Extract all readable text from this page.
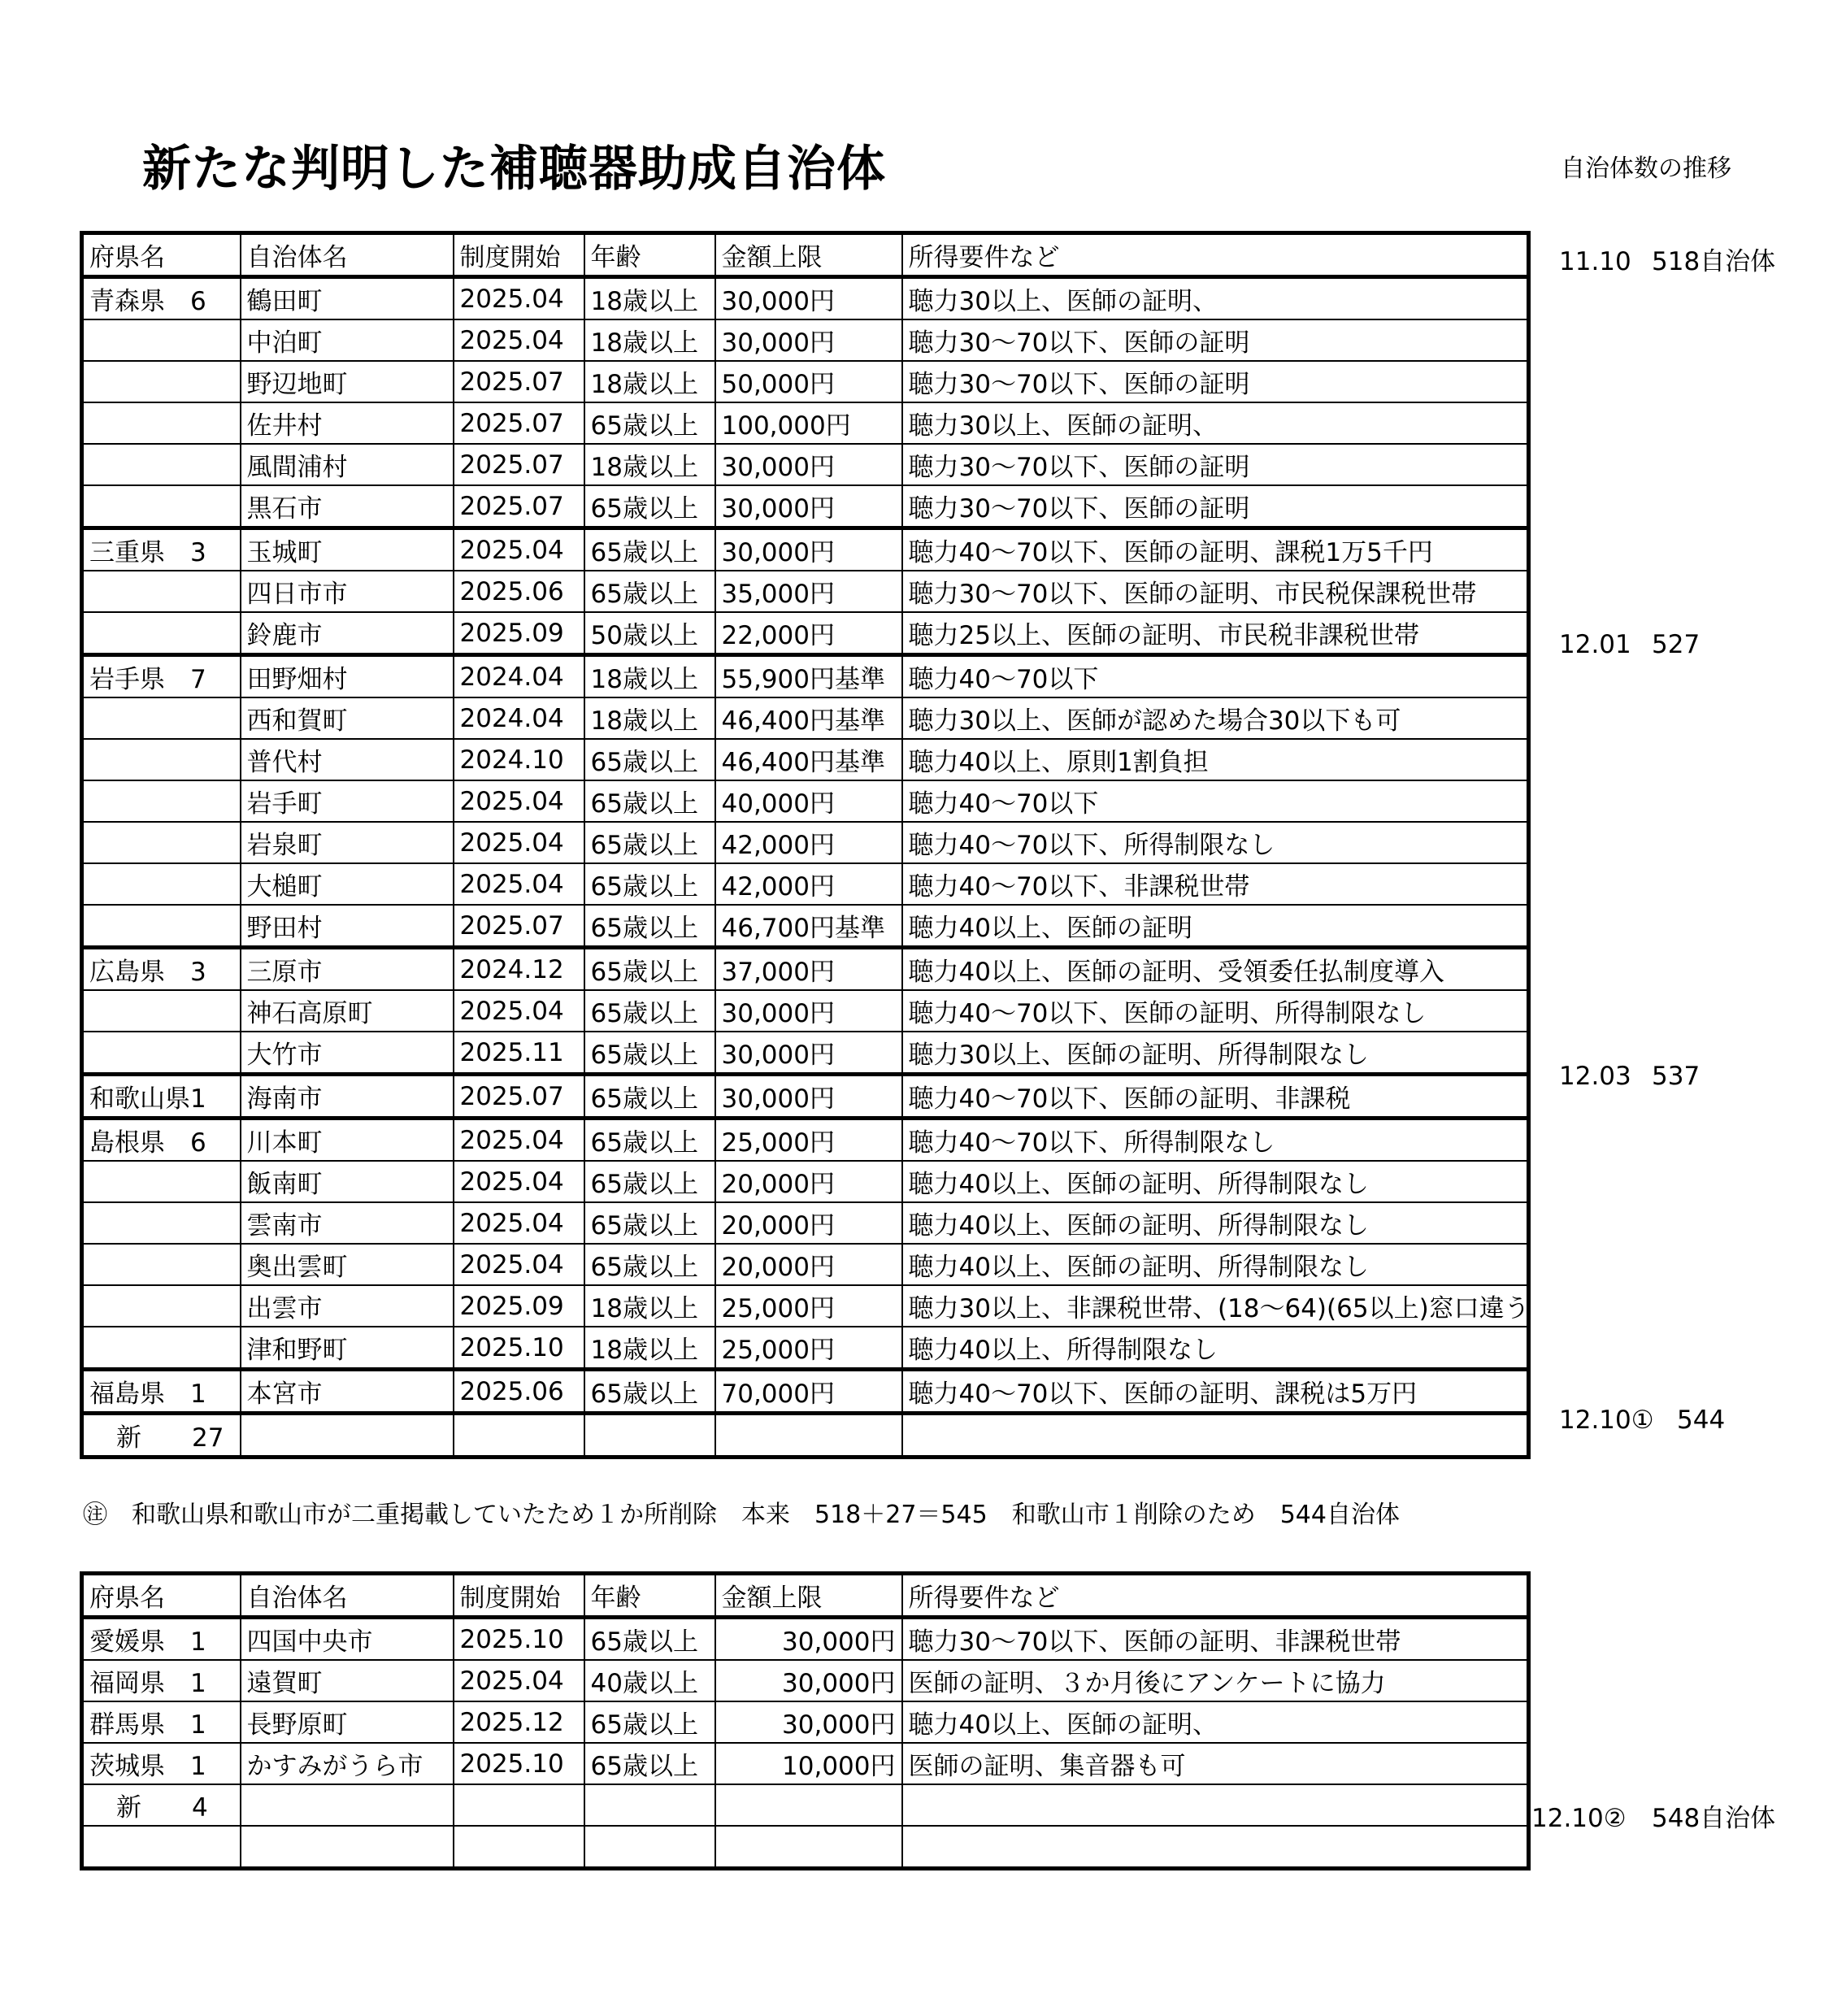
新たな判明した補聴器助成自治体	自治体数の推移
11.10 518自治体
12.01 527
12.03 537
12.10① 544
12.10② 548自治体
府県名	自治体名	制度開始	年齢	金額上限	所得要件など
青森県　6	鶴田町	2025.04	18歳以上	30,000円	聴力30以上、医師の証明、
	中泊町	2025.04	18歳以上	30,000円	聴力30～70以下、医師の証明
	野辺地町	2025.07	18歳以上	50,000円	聴力30～70以下、医師の証明
	佐井村	2025.07	65歳以上	100,000円	聴力30以上、医師の証明、
	風間浦村	2025.07	18歳以上	30,000円	聴力30～70以下、医師の証明
	黒石市	2025.07	65歳以上	30,000円	聴力30～70以下、医師の証明
三重県　3	玉城町	2025.04	65歳以上	30,000円	聴力40～70以下、医師の証明、課税1万5千円
	四日市市	2025.06	65歳以上	35,000円	聴力30～70以下、医師の証明、市民税保課税世帯
	鈴鹿市	2025.09	50歳以上	22,000円	聴力25以上、医師の証明、市民税非課税世帯
岩手県　7	田野畑村	2024.04	18歳以上	55,900円基準	聴力40～70以下
	西和賀町	2024.04	18歳以上	46,400円基準	聴力30以上、医師が認めた場合30以下も可
	普代村	2024.10	65歳以上	46,400円基準	聴力40以上、原則1割負担
	岩手町	2025.04	65歳以上	40,000円	聴力40～70以下
	岩泉町	2025.04	65歳以上	42,000円	聴力40～70以下、所得制限なし
	大槌町	2025.04	65歳以上	42,000円	聴力40～70以下、非課税世帯
	野田村	2025.07	65歳以上	46,700円基準	聴力40以上、医師の証明
広島県　3	三原市	2024.12	65歳以上	37,000円	聴力40以上、医師の証明、受領委任払制度導入
	神石高原町	2025.04	65歳以上	30,000円	聴力40～70以下、医師の証明、所得制限なし
	大竹市	2025.11	65歳以上	30,000円	聴力30以上、医師の証明、所得制限なし
和歌山県1	海南市	2025.07	65歳以上	30,000円	聴力40～70以下、医師の証明、非課税
島根県　6	川本町	2025.04	65歳以上	25,000円	聴力40～70以下、所得制限なし
	飯南町	2025.04	65歳以上	20,000円	聴力40以上、医師の証明、所得制限なし
	雲南市	2025.04	65歳以上	20,000円	聴力40以上、医師の証明、所得制限なし
	奥出雲町	2025.04	65歳以上	20,000円	聴力40以上、医師の証明、所得制限なし
	出雲市	2025.09	18歳以上	25,000円	聴力30以上、非課税世帯、(18～64)(65以上)窓口違う
	津和野町	2025.10	18歳以上	25,000円	聴力40以上、所得制限なし
福島県　1	本宮市	2025.06	65歳以上	70,000円	聴力40～70以下、医師の証明、課税は5万円
新　　27					
㊟　和歌山県和歌山市が二重掲載していたため１か所削除　本来　518＋27＝545　和歌山市１削除のため　544自治体
府県名	自治体名	制度開始	年齢	金額上限	所得要件など
愛媛県　1	四国中央市	2025.10	65歳以上	30,000円	聴力30～70以下、医師の証明、非課税世帯
福岡県　1	遠賀町	2025.04	40歳以上	30,000円	医師の証明、３か月後にアンケートに協力
群馬県　1	長野原町	2025.12	65歳以上	30,000円	聴力40以上、医師の証明、
茨城県　1	かすみがうら市	2025.10	65歳以上	10,000円	医師の証明、集音器も可
新　　4					
